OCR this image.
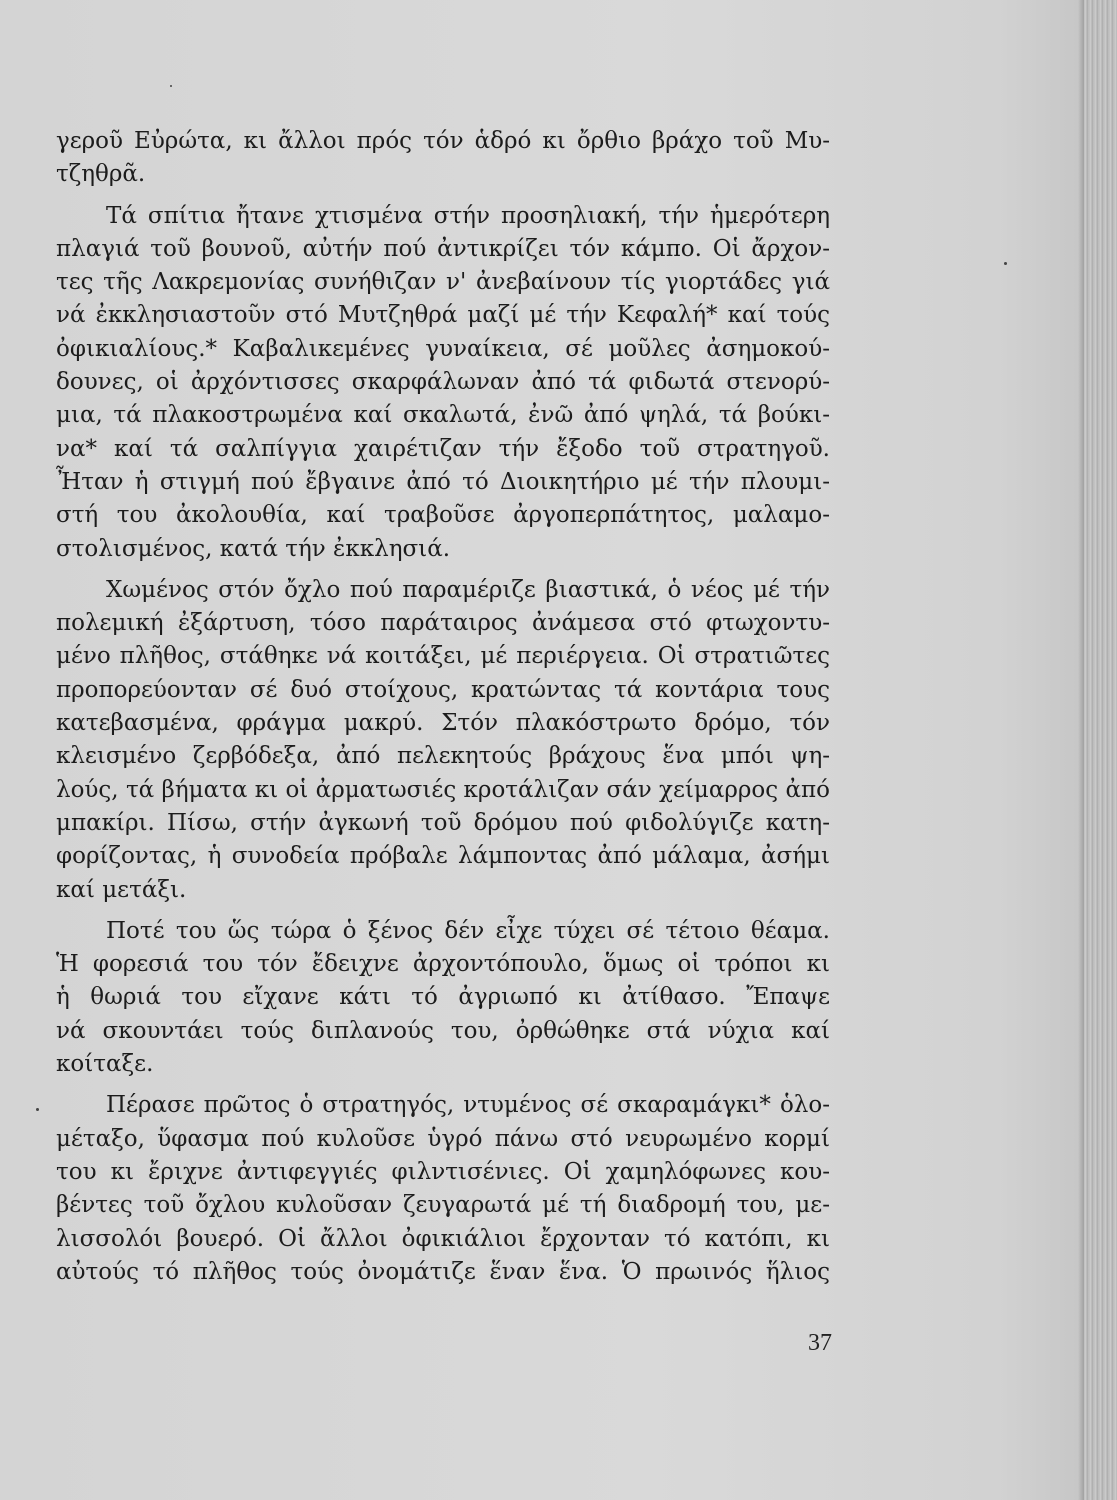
γεροῦ Εὐρώτα, κι ἄλλοι πρός τόν ἁδρό κι ὄρθιο βράχο τοῦ Μυ-
τζηθρᾶ.
Τά σπίτια ἤτανε χτισμένα στήν προσηλιακή, τήν ἡμερότερη
πλαγιά τοῦ βουνοῦ, αὐτήν πού ἀντικρίζει τόν κάμπο. Οἱ ἄρχον-
τες τῆς Λακρεμονίας συνήθιζαν ν' ἀνεβαίνουν τίς γιορτάδες γιά
νά ἐκκλησιαστοῦν στό Μυτζηθρά μαζί μέ τήν Κεφαλή* καί τούς
ὀφικιαλίους.* Καβαλικεμένες γυναίκεια, σέ μοῦλες ἀσημοκού-
δουνες, οἱ ἀρχόντισσες σκαρφάλωναν ἀπό τά φιδωτά στενορύ-
μια, τά πλακοστρωμένα καί σκαλωτά, ἐνῶ ἀπό ψηλά, τά βούκι-
να* καί τά σαλπίγγια χαιρέτιζαν τήν ἔξοδο τοῦ στρατηγοῦ.
Ἦταν ἡ στιγμή πού ἔβγαινε ἀπό τό Διοικητήριο μέ τήν πλουμι-
στή του ἀκολουθία, καί τραβοῦσε ἀργοπερπάτητος, μαλαμο-
στολισμένος, κατά τήν ἐκκλησιά.
Χωμένος στόν ὄχλο πού παραμέριζε βιαστικά, ὁ νέος μέ τήν
πολεμική ἐξάρτυση, τόσο παράταιρος ἀνάμεσα στό φτωχοντυ-
μένο πλῆθος, στάθηκε νά κοιτάξει, μέ περιέργεια. Οἱ στρατιῶτες
προπορεύονταν σέ δυό στοίχους, κρατώντας τά κοντάρια τους
κατεβασμένα, φράγμα μακρύ. Στόν πλακόστρωτο δρόμο, τόν
κλεισμένο ζερβόδεξα, ἀπό πελεκητούς βράχους ἕνα μπόι ψη-
λούς, τά βήματα κι οἱ ἀρματωσιές κροτάλιζαν σάν χείμαρρος ἀπό
μπακίρι. Πίσω, στήν ἀγκωνή τοῦ δρόμου πού φιδολύγιζε κατη-
φορίζοντας, ἡ συνοδεία πρόβαλε λάμποντας ἀπό μάλαμα, ἀσήμι
καί μετάξι.
Ποτέ του ὥς τώρα ὁ ξένος δέν εἶχε τύχει σέ τέτοιο θέαμα.
Ἡ φορεσιά του τόν ἔδειχνε ἀρχοντόπουλο, ὅμως οἱ τρόποι κι
ἡ θωριά του εἴχανε κάτι τό ἀγριωπό κι ἀτίθασο. Ἔπαψε
νά σκουντάει τούς διπλανούς του, ὀρθώθηκε στά νύχια καί
κοίταξε.
Πέρασε πρῶτος ὁ στρατηγός, ντυμένος σέ σκαραμάγκι* ὁλο-
μέταξο, ὕφασμα πού κυλοῦσε ὑγρό πάνω στό νευρωμένο κορμί
του κι ἔριχνε ἀντιφεγγιές φιλντισένιες. Οἱ χαμηλόφωνες κου-
βέντες τοῦ ὄχλου κυλοῦσαν ζευγαρωτά μέ τή διαδρομή του, με-
λισσολόι βουερό. Οἱ ἄλλοι ὀφικιάλιοι ἔρχονταν τό κατόπι, κι
αὐτούς τό πλῆθος τούς ὀνομάτιζε ἕναν ἕνα. Ὁ πρωινός ἥλιος
37
